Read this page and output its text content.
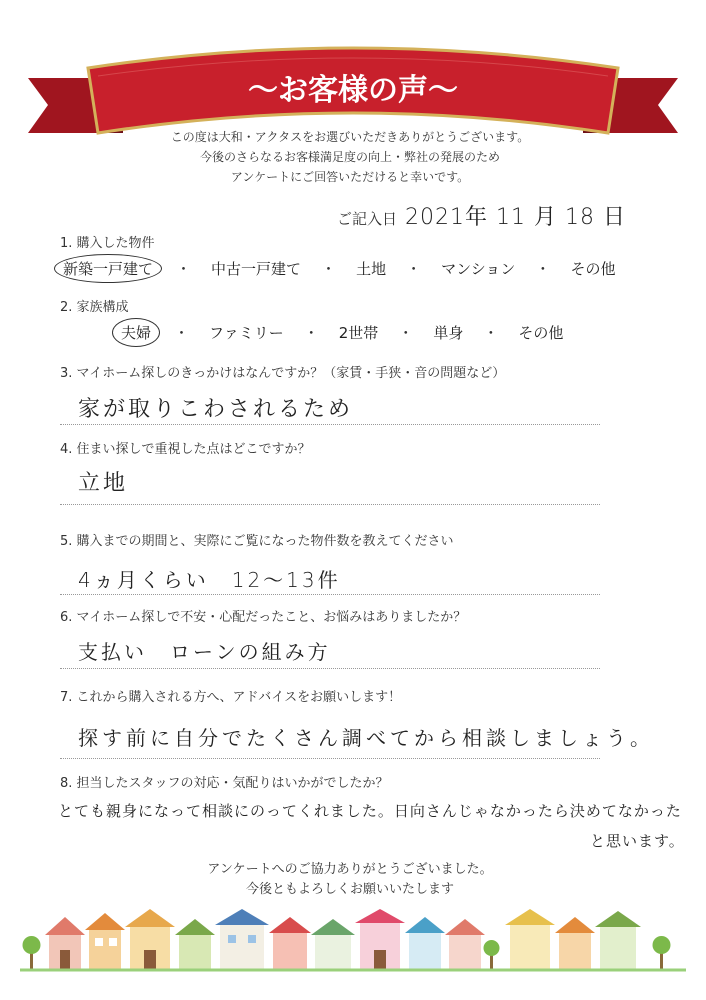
～お客様の声～
この度は大和・アクタスをお選びいただきありがとうございます。
今後のさらなるお客様満足度の向上・弊社の発展のため
アンケートにご回答いただけると幸いです。
ご記入日 2021年 11 月 18 日
1. 購入した物件
新築一戸建て	・	中古一戸建て	・	土地	・	マンション	・	その他
2. 家族構成
夫婦	・	ファミリー	・	2世帯	・	単身	・	その他
3. マイホーム探しのきっかけはなんですか？（家賃・手狭・音の問題など）
家が取りこわされるため
4. 住まい探しで重視した点はどこですか？
立地
5. 購入までの期間と、実際にご覧になった物件数を教えてください
4ヵ月くらい　12～13件
6. マイホーム探しで不安・心配だったこと、お悩みはありましたか？
支払い　ローンの組み方
7. これから購入される方へ、アドバイスをお願いします！
探す前に自分でたくさん調べてから相談しましょう。
8. 担当したスタッフの対応・気配りはいかがでしたか？
とても親身になって相談にのってくれました。日向さんじゃなかったら決めてなかった
と思います。
アンケートへのご協力ありがとうございました。
今後ともよろしくお願いいたします
